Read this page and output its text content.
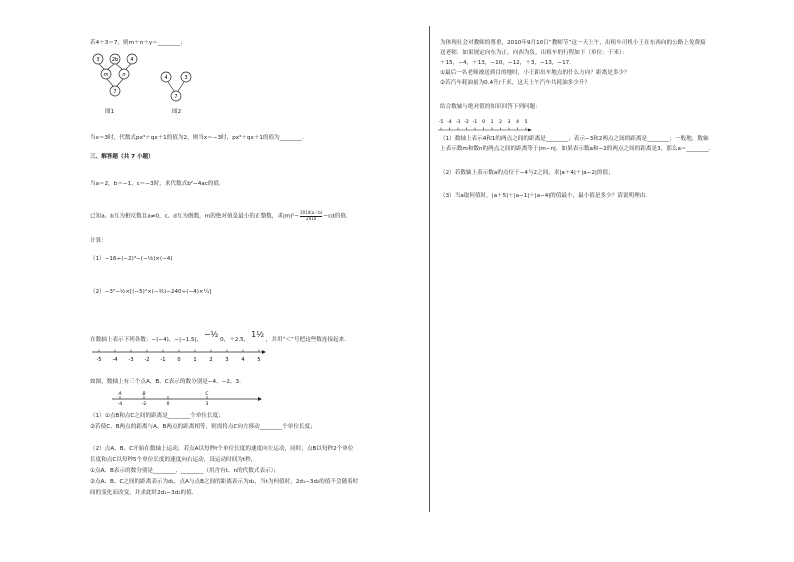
若4＋3＝7，则m＋n＋y＝________；
3 2b 4
m	n
7
图1
4	3
7
图2
当x＝3时，代数式px³＋qx＋1的值为2，则当x＝−3时，px³＋qx＋1的值为________．
三、解答题（共 7 小题）
当a＝2，b＝−1，c＝−3时，求代数式b²−4ac的值．
已知a、b互为相反数且a≠0，c、d互为倒数，m的绝对值是最小的正整数，求$|m|^2- \frac{2010(a+b)}{2010} -cd$的值．
计算：
（1）−16÷(−2)³−(−⅛)×(−4)
（2）−3²−½×[(−5)²×(−⅗)−240÷(−4)×¼]
在数轴上表示下列各数：−(−4)，−|−1.5|， −½ 0，＋2.5， 1½ ，并用“＜”号把这些数连接起来．
-5 -4 -3 -2 -1 0	1	2	3	4	5
如图，数轴上有三个点A、B、C表示的数分别是−4、−2、3．
A	B	C
-4	-2	0	3
（1）①点B和点C之间的距离是________个单位长度；
②若使C、B两点的距离与A、B两点的距离相等，则需将点C向左移动________个单位长度；
（2）点A、B、C开始在数轴上运动，若点A以每秒t个单位长度的速度向左运动，同时，点B以每秒2个单位
长度和点C以每秒5个单位长度的速度向右运动，设运动时间为t秒，
①点A、B表示的数分别是________、________（用含有t、n的代数式表示）；
②点A、B、C之间的距离表示为d₁，点A与点B之间的距离表示为d₂，当t为何值时，2d₁−3d₂的值不会随着时
间的变化而改变，并求此时2d₁−3d₂的值．
为体现社会对教师的尊重，2010年9月10日“教师节”这一天上午，出租车司机小王在东西向的公路上免费接
送老师．如果规定向东为正，向西为负，出租车的行程如下（单位：千米）：
＋15，−4，＋13，−10，−12，＋3，−13，−17．
①最后一名老师被送到目的地时，小王距出车地点的什么方向？距离是多少？
②若汽车耗油量为0.4升/千米，这天上午汽车共耗油多少升？
结合数轴与绝对值的知识回答下列问题：
-5 -4 -3 -2 -1 0 1 2 3 4 5
（1）数轴上表示4和1的两点之间的距离是________；表示−3和2两点之间的距离是________；一般地，数轴
上表示数m和数n的两点之间的距离等于|m−n|．如果表示数a和−2的两点之间的距离是3，那么a＝________．
（2）若数轴上表示数a的点位于−4与2之间，求|a＋4|＋|a−2|的值；
（3）当a取何值时，|a＋5|＋|a−1|＋|a−4|的值最小，最小值是多少？请说明理由．
